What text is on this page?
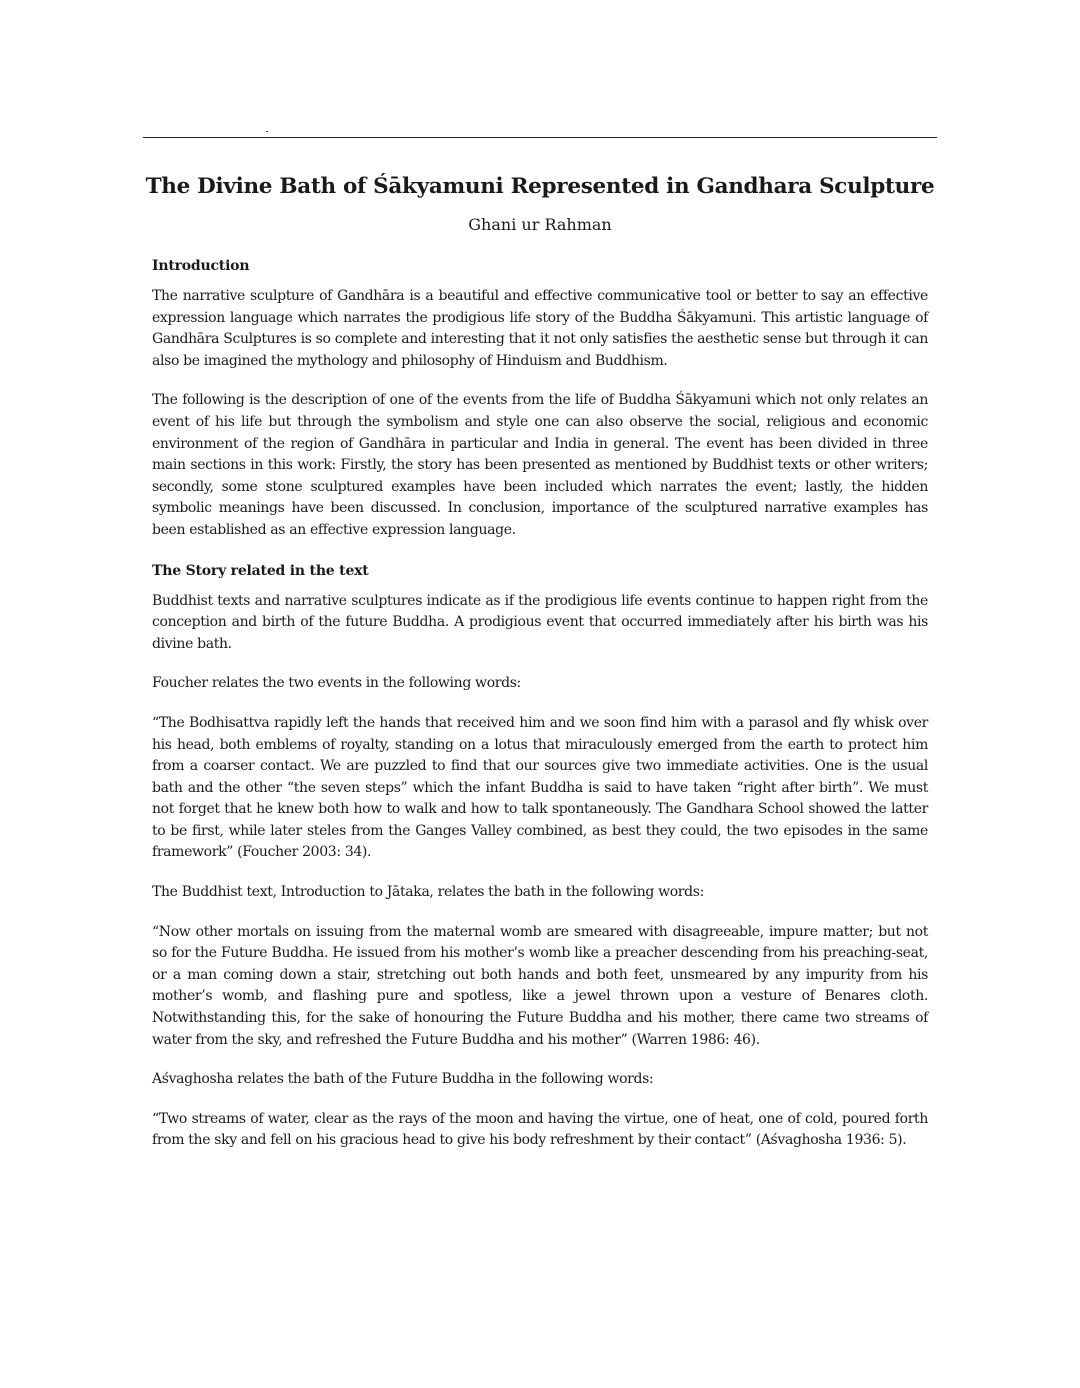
The Divine Bath of Śākyamuni Represented in Gandhara Sculpture
Ghani ur Rahman
Introduction

The narrative sculpture of Gandhāra is a beautiful and effective communicative tool or better to say an effective expression language which narrates the prodigious life story of the Buddha Śākyamuni. This artistic language of Gandhāra Sculptures is so complete and interesting that it not only satisfies the aesthetic sense but through it can also be imagined the mythology and philosophy of Hinduism and Buddhism.

The following is the description of one of the events from the life of Buddha Śākyamuni which not only relates an event of his life but through the symbolism and style one can also observe the social, religious and economic environment of the region of Gandhāra in particular and India in general. The event has been divided in three main sections in this work: Firstly, the story has been presented as mentioned by Buddhist texts or other writers; secondly, some stone sculptured examples have been included which narrates the event; lastly, the hidden symbolic meanings have been discussed. In conclusion, importance of the sculptured narrative examples has been established as an effective expression language.

The Story related in the text

Buddhist texts and narrative sculptures indicate as if the prodigious life events continue to happen right from the conception and birth of the future Buddha. A prodigious event that occurred immediately after his birth was his divine bath.

Foucher relates the two events in the following words:

“The Bodhisattva rapidly left the hands that received him and we soon find him with a parasol and fly whisk over his head, both emblems of royalty, standing on a lotus that miraculously emerged from the earth to protect him from a coarser contact. We are puzzled to find that our sources give two immediate activities. One is the usual bath and the other “the seven steps” which the infant Buddha is said to have taken “right after birth”. We must not forget that he knew both how to walk and how to talk spontaneously. The Gandhara School showed the latter to be first, while later steles from the Ganges Valley combined, as best they could, the two episodes in the same framework” (Foucher 2003: 34).

The Buddhist text, Introduction to Jātaka, relates the bath in the following words:

“Now other mortals on issuing from the maternal womb are smeared with disagreeable, impure matter; but not so for the Future Buddha. He issued from his mother’s womb like a preacher descending from his preaching-seat, or a man coming down a stair, stretching out both hands and both feet, unsmeared by any impurity from his mother’s womb, and flashing pure and spotless, like a jewel thrown upon a vesture of Benares cloth. Notwithstanding this, for the sake of honouring the Future Buddha and his mother, there came two streams of water from the sky, and refreshed the Future Buddha and his mother” (Warren 1986: 46).

Aśvaghosha relates the bath of the Future Buddha in the following words:

“Two streams of water, clear as the rays of the moon and having the virtue, one of heat, one of cold, poured forth from the sky and fell on his gracious head to give his body refreshment by their contact” (Aśvaghosha 1936: 5).
